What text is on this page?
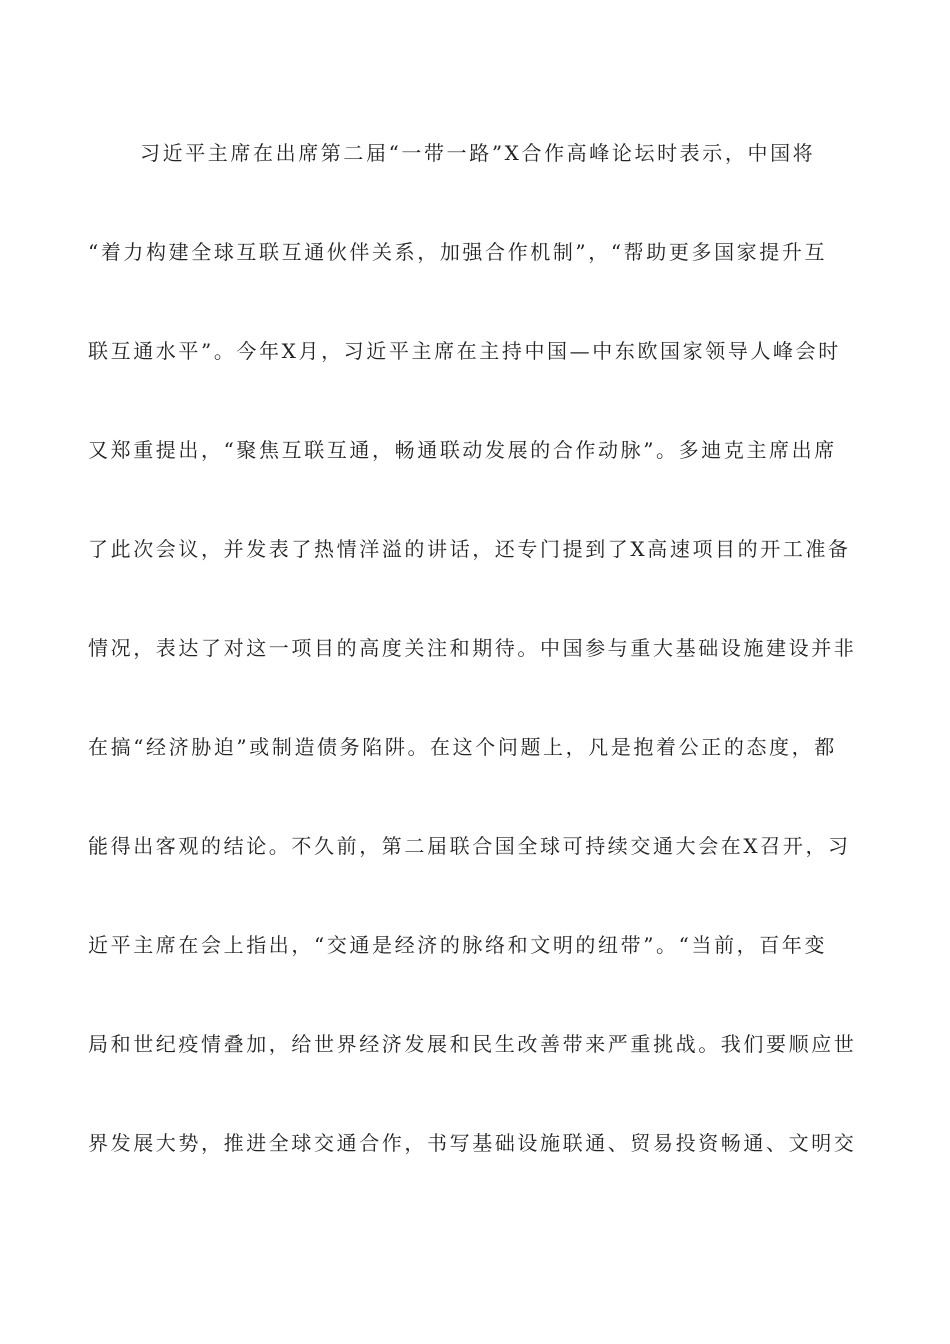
习近平主席在出席第二届“一带一路”X合作高峰论坛时表示，中国将
“着力构建全球互联互通伙伴关系，加强合作机制”，“帮助更多国家提升互
联互通水平”。今年X月，习近平主席在主持中国—中东欧国家领导人峰会时
又郑重提出，“聚焦互联互通，畅通联动发展的合作动脉”。多迪克主席出席
了此次会议，并发表了热情洋溢的讲话，还专门提到了X高速项目的开工准备
情况，表达了对这一项目的高度关注和期待。中国参与重大基础设施建设并非
在搞“经济胁迫”或制造债务陷阱。在这个问题上，凡是抱着公正的态度，都
能得出客观的结论。不久前，第二届联合国全球可持续交通大会在X召开，习
近平主席在会上指出，“交通是经济的脉络和文明的纽带”。“当前，百年变
局和世纪疫情叠加，给世界经济发展和民生改善带来严重挑战。我们要顺应世
界发展大势，推进全球交通合作，书写基础设施联通、贸易投资畅通、文明交
